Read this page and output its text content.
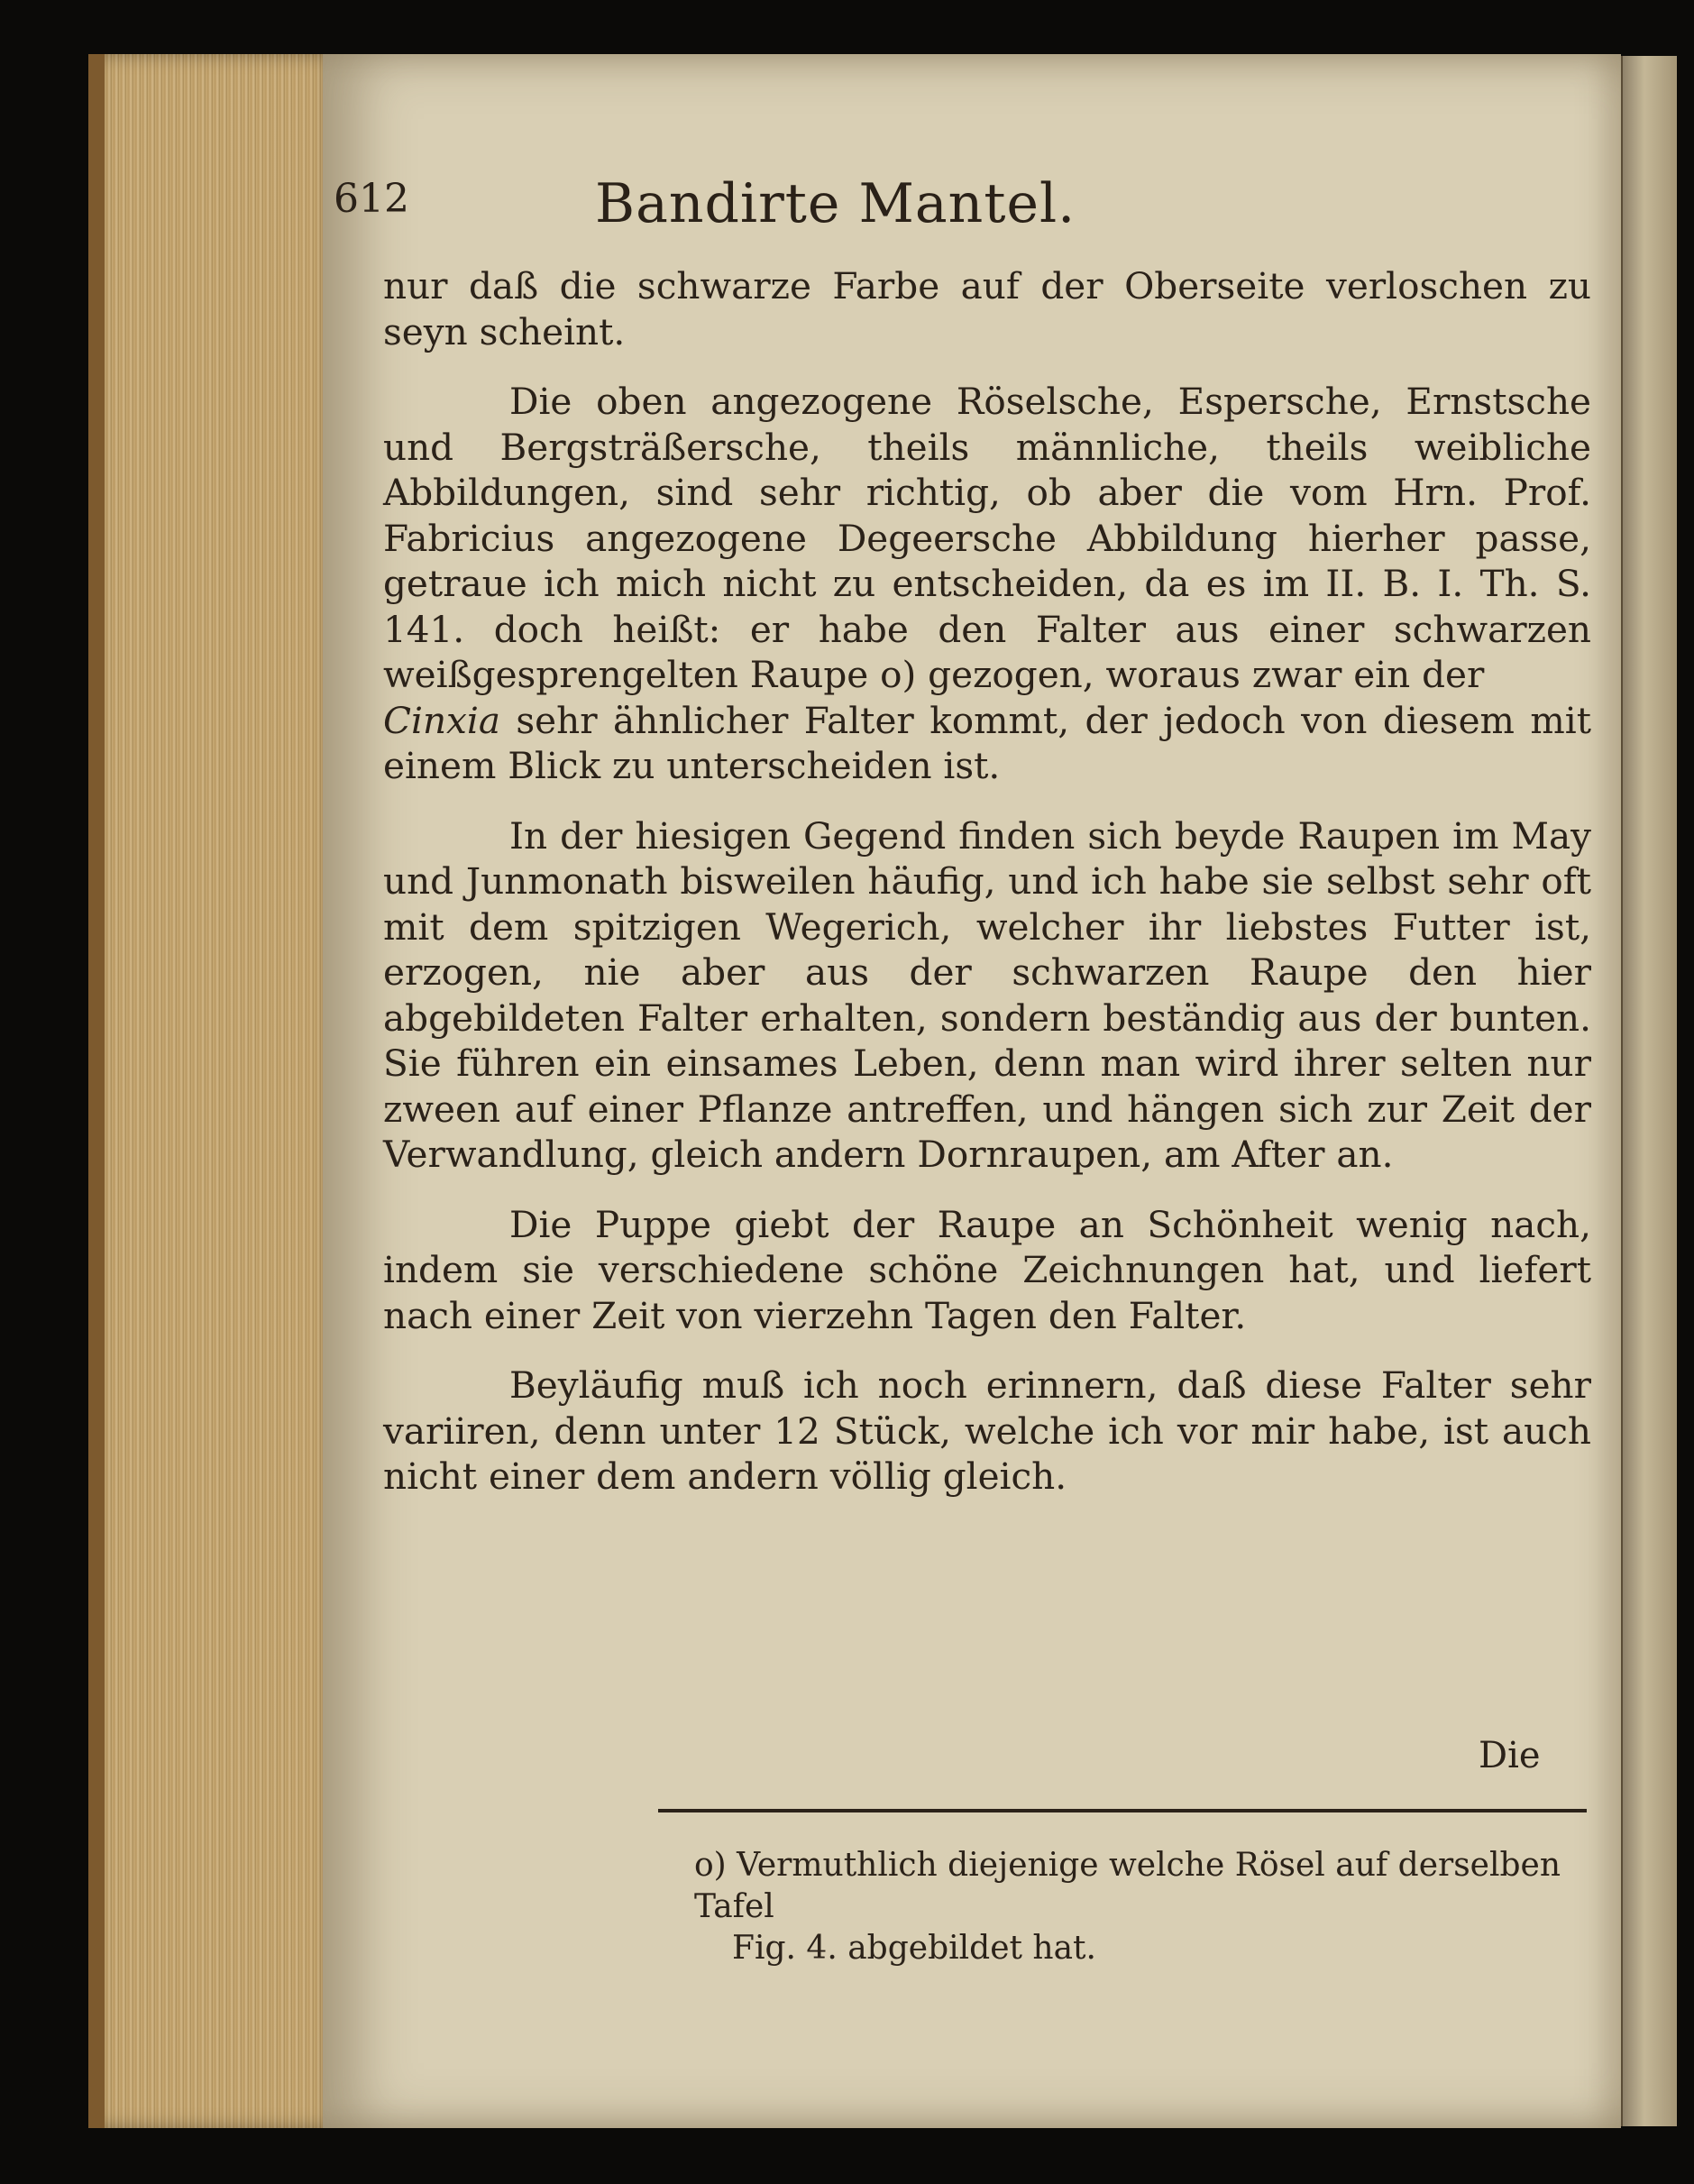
612	Bandirte Mantel.

nur daß die schwarze Farbe auf der Oberseite verloschen zu seyn scheint.

Die oben angezogene Röselsche, Espersche, Ernstsche und Bergsträßersche, theils männliche, theils weibliche Abbildungen, sind sehr richtig, ob aber die vom Hrn. Prof. Fabricius angezogene Degeersche Abbildung hierher passe, getraue ich mich nicht zu entscheiden, da es im II. B. I. Th. S. 141. doch heißt: er habe den Falter aus einer schwarzen weißgesprengelten Raupe o) gezogen, woraus zwar ein der
Cinxia sehr ähnlicher Falter kommt, der jedoch von diesem mit einem Blick zu unterscheiden ist.

In der hiesigen Gegend finden sich beyde Raupen im May und Junmonath bisweilen häufig, und ich habe sie selbst sehr oft mit dem spitzigen Wegerich, welcher ihr liebstes Futter ist, erzogen, nie aber aus der schwarzen Raupe den hier abgebildeten Falter erhalten, sondern beständig aus der bunten. Sie führen ein einsames Leben, denn man wird ihrer selten nur zween auf einer Pflanze antreffen, und hängen sich zur Zeit der Verwandlung, gleich andern Dornraupen, am After an.

Die Puppe giebt der Raupe an Schönheit wenig nach, indem sie verschiedene schöne Zeichnungen hat, und liefert nach einer Zeit von vierzehn Tagen den Falter.

Beyläufig muß ich noch erinnern, daß diese Falter sehr variiren, denn unter 12 Stück, welche ich vor mir habe, ist auch nicht einer dem andern völlig gleich.

Die
o) Vermuthlich diejenige welche Rösel auf derselben Tafel
Fig. 4. abgebildet hat.
